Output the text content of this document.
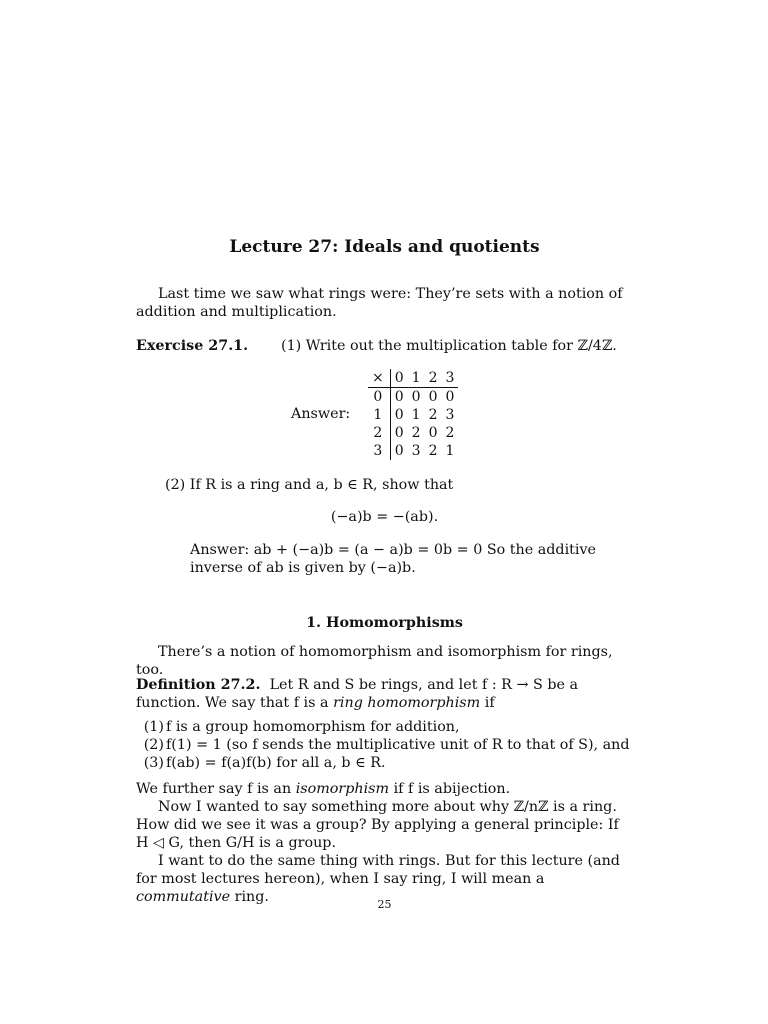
Lecture 27: Ideals and quotients

Last time we saw what rings were: They’re sets with a notion of addition and multiplication.

Exercise 27.1. (1) Write out the multiplication table for ℤ/4ℤ.
Answer:
×	0	1	2	3
0	0	0	0	0
1	0	1	2	3
2	0	2	0	2
3	0	3	2	1
(2) If R is a ring and a, b ∈ R, show that
(−a)b = −(ab).
Answer: ab + (−a)b = (a − a)b = 0b = 0 So the additive inverse of ab is given by (−a)b.
1. Homomorphisms

There’s a notion of homomorphism and isomorphism for rings, too.

Definition 27.2. Let R and S be rings, and let f : R → S be a function. We say that f is a ring homomorphism if
(1) f is a group homomorphism for addition,
(2) f(1) = 1 (so f sends the multiplicative unit of R to that of S), and
(3) f(ab) = f(a)f(b) for all a, b ∈ R.
We further say f is an isomorphism if f is abijection.

Now I wanted to say something more about why ℤ/nℤ is a ring. How did we see it was a group? By applying a general principle: If H ◁ G, then G/H is a group.

I want to do the same thing with rings. But for this lecture (and for most lectures hereon), when I say ring, I will mean a commutative ring.	25
